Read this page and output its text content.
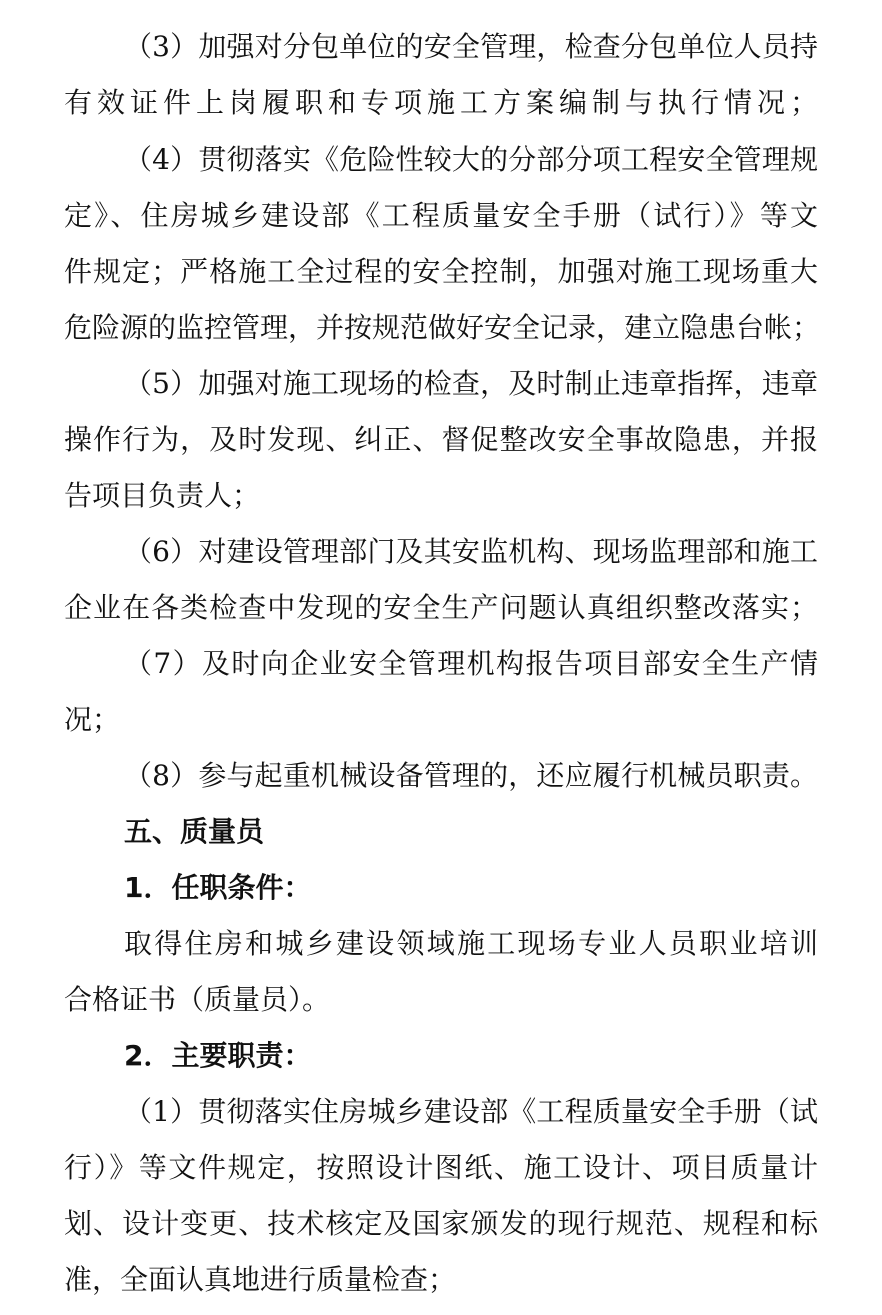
（3）加强对分包单位的安全管理，检查分包单位人员持
有效证件上岗履职和专项施工方案编制与执行情况；
（4）贯彻落实《危险性较大的分部分项工程安全管理规
定》、住房城乡建设部《工程质量安全手册（试行）》等文
件规定；严格施工全过程的安全控制，加强对施工现场重大
危险源的监控管理，并按规范做好安全记录，建立隐患台帐；
（5）加强对施工现场的检查，及时制止违章指挥，违章
操作行为，及时发现、纠正、督促整改安全事故隐患，并报
告项目负责人；
（6）对建设管理部门及其安监机构、现场监理部和施工
企业在各类检查中发现的安全生产问题认真组织整改落实；
（7）及时向企业安全管理机构报告项目部安全生产情
况；
（8）参与起重机械设备管理的，还应履行机械员职责。
五、质量员
1．任职条件：
取得住房和城乡建设领域施工现场专业人员职业培训
合格证书（质量员）。
2．主要职责：
（1）贯彻落实住房城乡建设部《工程质量安全手册（试
行）》等文件规定，按照设计图纸、施工设计、项目质量计
划、设计变更、技术核定及国家颁发的现行规范、规程和标
准，全面认真地进行质量检查；
